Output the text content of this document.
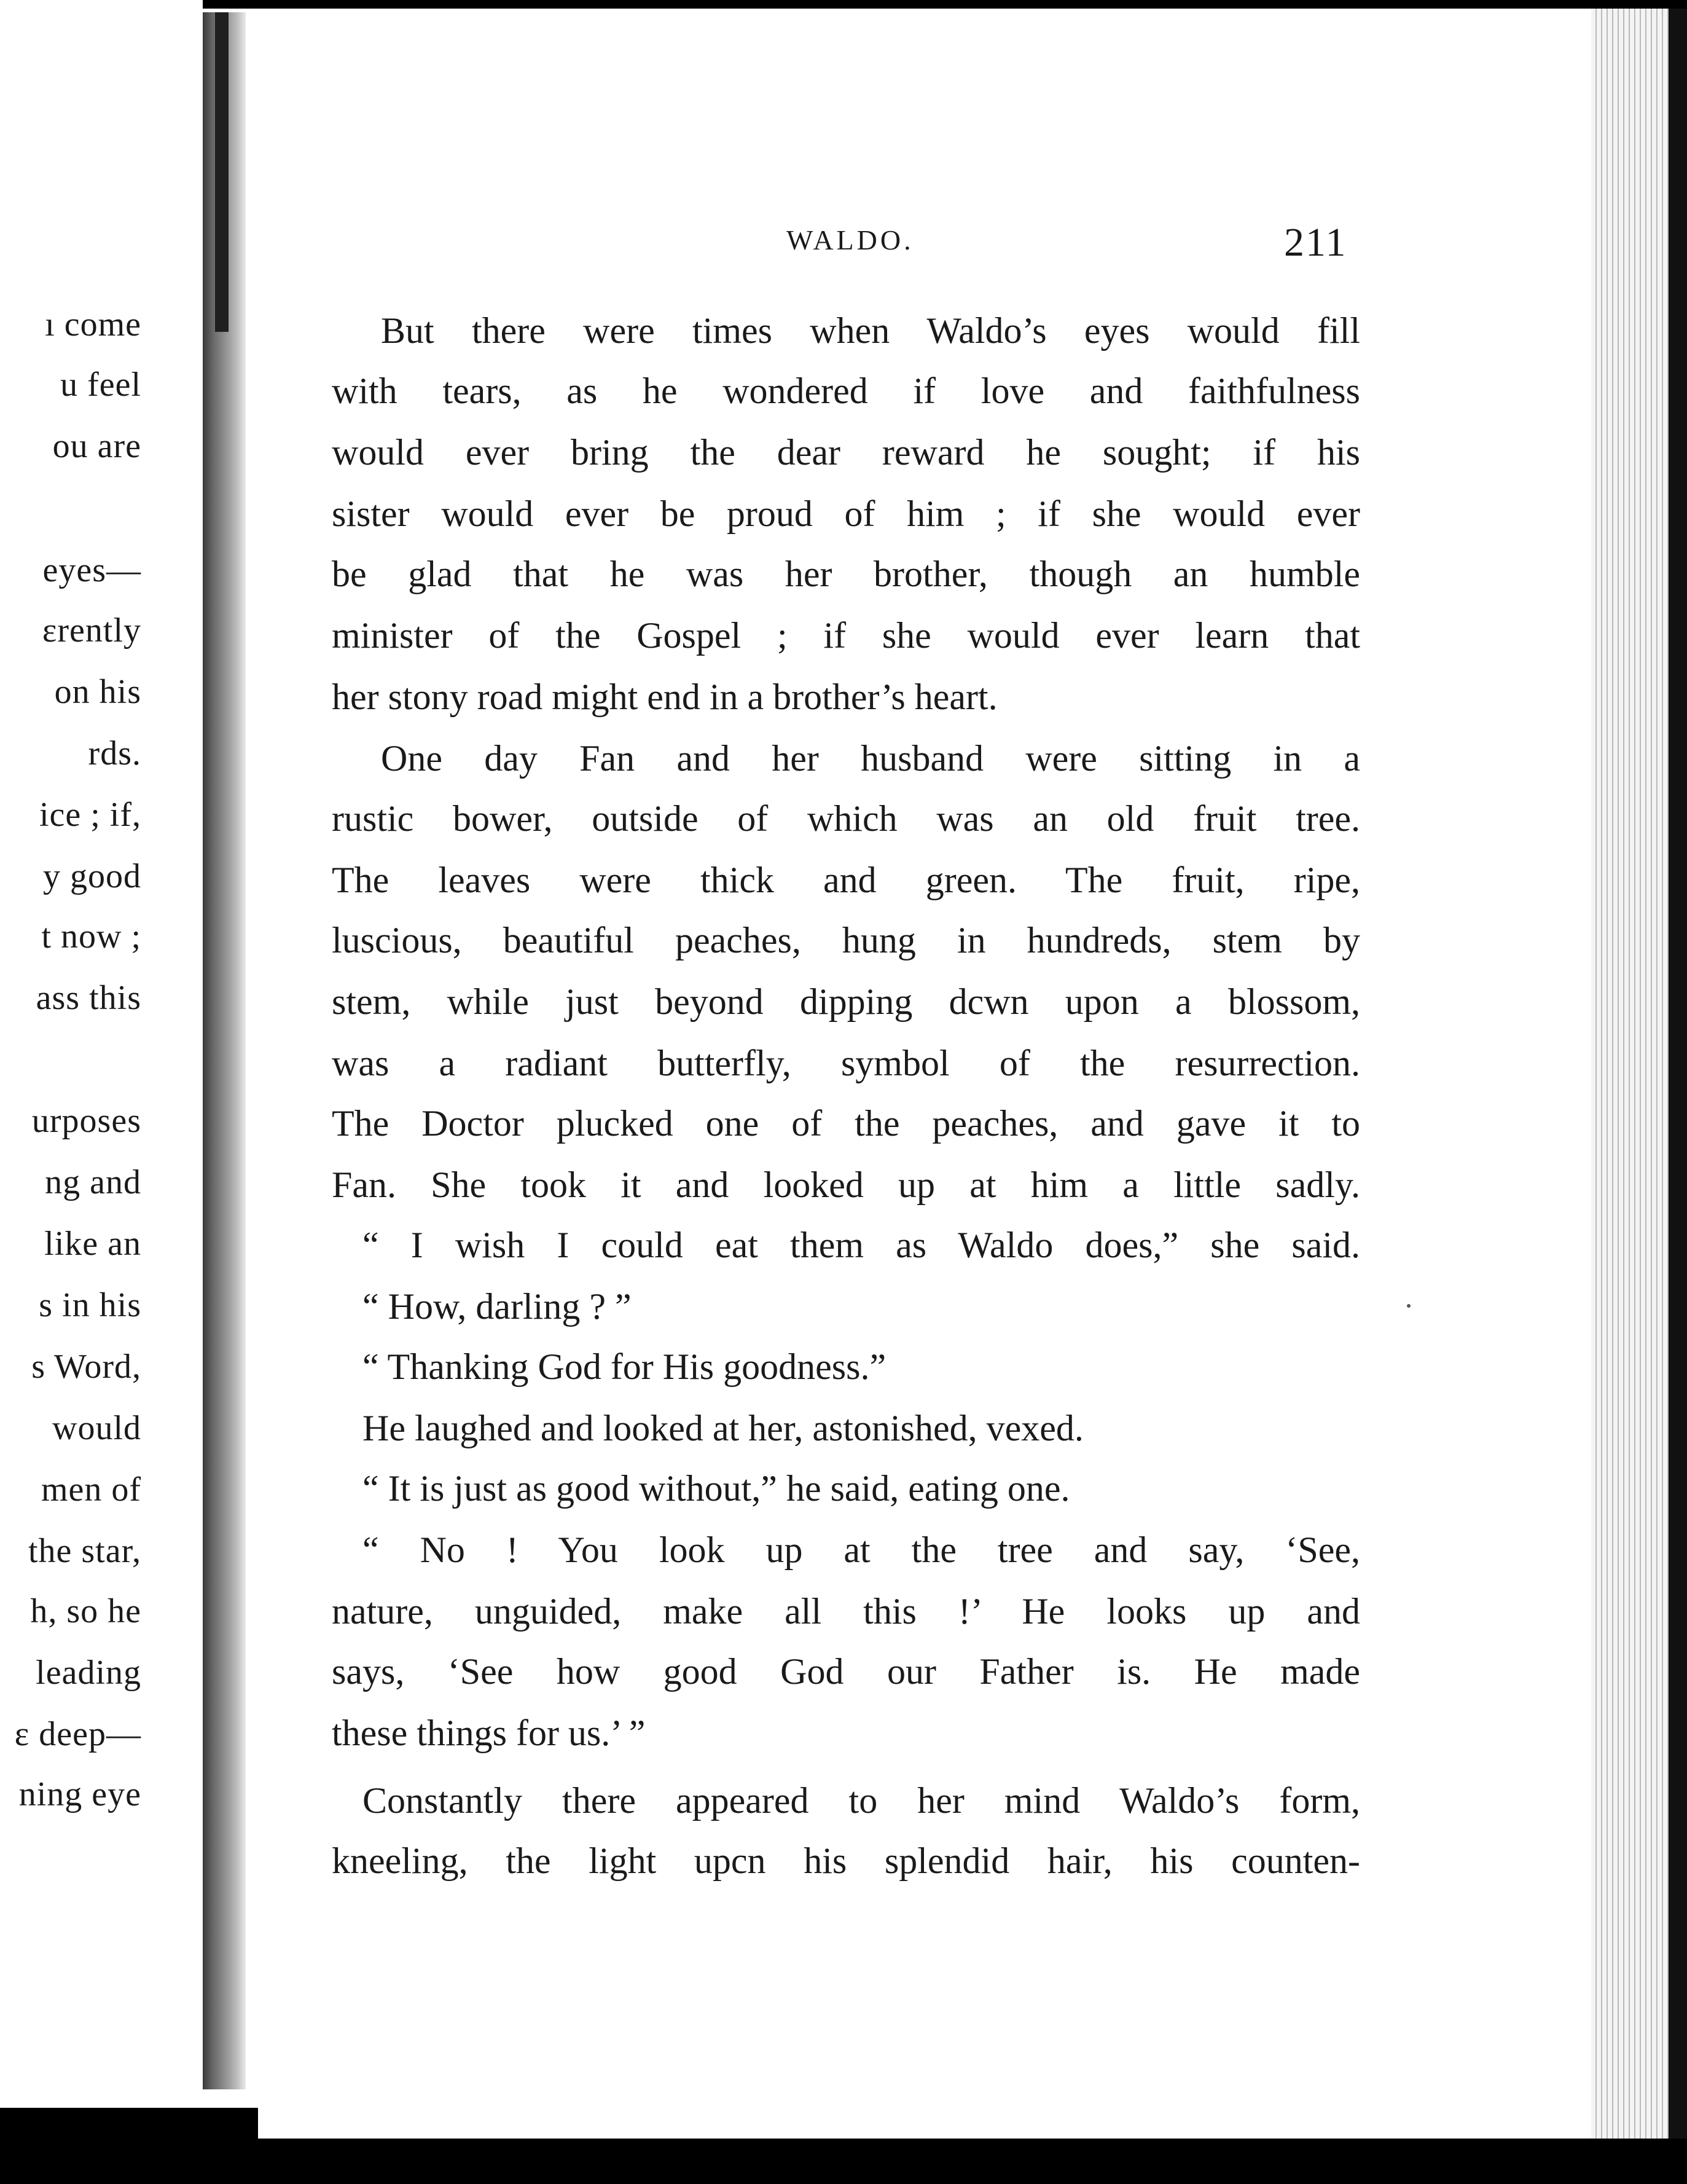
ı come
u feel
ou are
eyes—
ɛrently
on his
rds.
ice ; if,
y good
t now ;
ass this
urposes
ng and
like an
s in his
s Word,
would
men of
the star,
h, so he
leading
ɛ deep—
ning eye
WALDO.	211
But there were times when Waldo’s eyes would fill
with tears, as he wondered if love and faithfulness
would ever bring the dear reward he sought; if his
sister would ever be proud of him ; if she would ever
be glad that he was her brother, though an humble
minister of the Gospel ; if she would ever learn that
her stony road might end in a brother’s heart.
One day Fan and her husband were sitting in a
rustic bower, outside of which was an old fruit tree.
The leaves were thick and green. The fruit, ripe,
luscious, beautiful peaches, hung in hundreds, stem by
stem, while just beyond dipping dcwn upon a blossom,
was a radiant butterfly, symbol of the resurrection.
The Doctor plucked one of the peaches, and gave it to
Fan. She took it and looked up at him a little sadly.
“ I wish I could eat them as Waldo does,” she said.
“ How, darling ? ”
“ Thanking God for His goodness.”
He laughed and looked at her, astonished, vexed.
“ It is just as good without,” he said, eating one.
“ No ! You look up at the tree and say, ‘See,
nature, unguided, make all this !’ He looks up and
says, ‘See how good God our Father is. He made
these things for us.’ ”
Constantly there appeared to her mind Waldo’s form,
kneeling, the light upcn his splendid hair, his counten-
